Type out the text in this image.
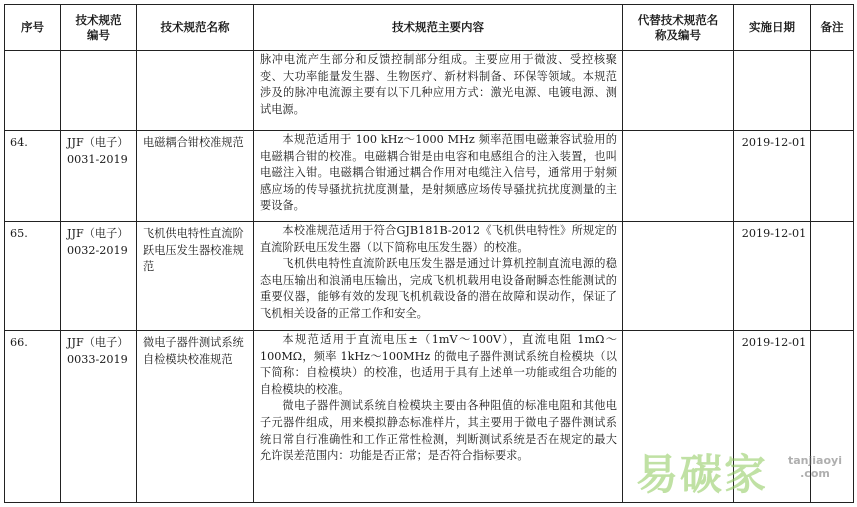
序号	技术规范编号	技术规范名称	技术规范主要内容	代替技术规范名称及编号	实施日期	备注

			脉冲电流产生部分和反馈控制部分组成。主要应用于微波、受控核聚变、大功率能量发生器、生物医疗、新材料制备、环保等领域。本规范涉及的脉冲电流源主要有以下几种应用方式：激光电源、电镀电源、测试电源。			

64.	JJF（电子）0031-2019	电磁耦合钳校准规范	本规范适用于 100 kHz～1000 MHz 频率范围电磁兼容试验用的电磁耦合钳的校准。电磁耦合钳是由电容和电感组合的注入装置，也叫电磁注入钳。电磁耦合钳通过耦合作用对电缆注入信号，通常用于射频感应场的传导骚扰抗扰度测量，是射频感应场传导骚扰抗扰度测量的主要设备。		2019-12-01	
65.	JJF（电子）0032-2019	飞机供电特性直流阶跃电压发生器校准规范	本校准规范适用于符合GJB181B-2012《飞机供电特性》所规定的直流阶跃电压发生器（以下简称电压发生器）的校准。

飞机供电特性直流阶跃电压发生器是通过计算机控制直流电源的稳态电压输出和浪涌电压输出，完成飞机机载用电设备耐瞬态性能测试的重要仪器，能够有效的发现飞机机载设备的潜在故障和误动作，保证了飞机相关设备的正常工作和安全。		2019-12-01	
66.	JJF（电子）0033-2019	微电子器件测试系统自检模块校准规范	本规范适用于直流电压±（1mV～100V），直流电阻 1mΩ～100MΩ，频率 1kHz～100MHz 的微电子器件测试系统自检模块（以下简称：自检模块）的校准，也适用于具有上述单一功能或组合功能的自检模块的校准。

微电子器件测试系统自检模块主要由各种阻值的标准电阻和其他电子元器件组成，用来模拟静态标准样片，其主要用于微电子器件测试系统日常自行准确性和工作正常性检测，判断测试系统是否在规定的最大允许误差范围内：功能是否正常；是否符合指标要求。		2019-12-01	
易碳家 tanjiaoyi
.com
